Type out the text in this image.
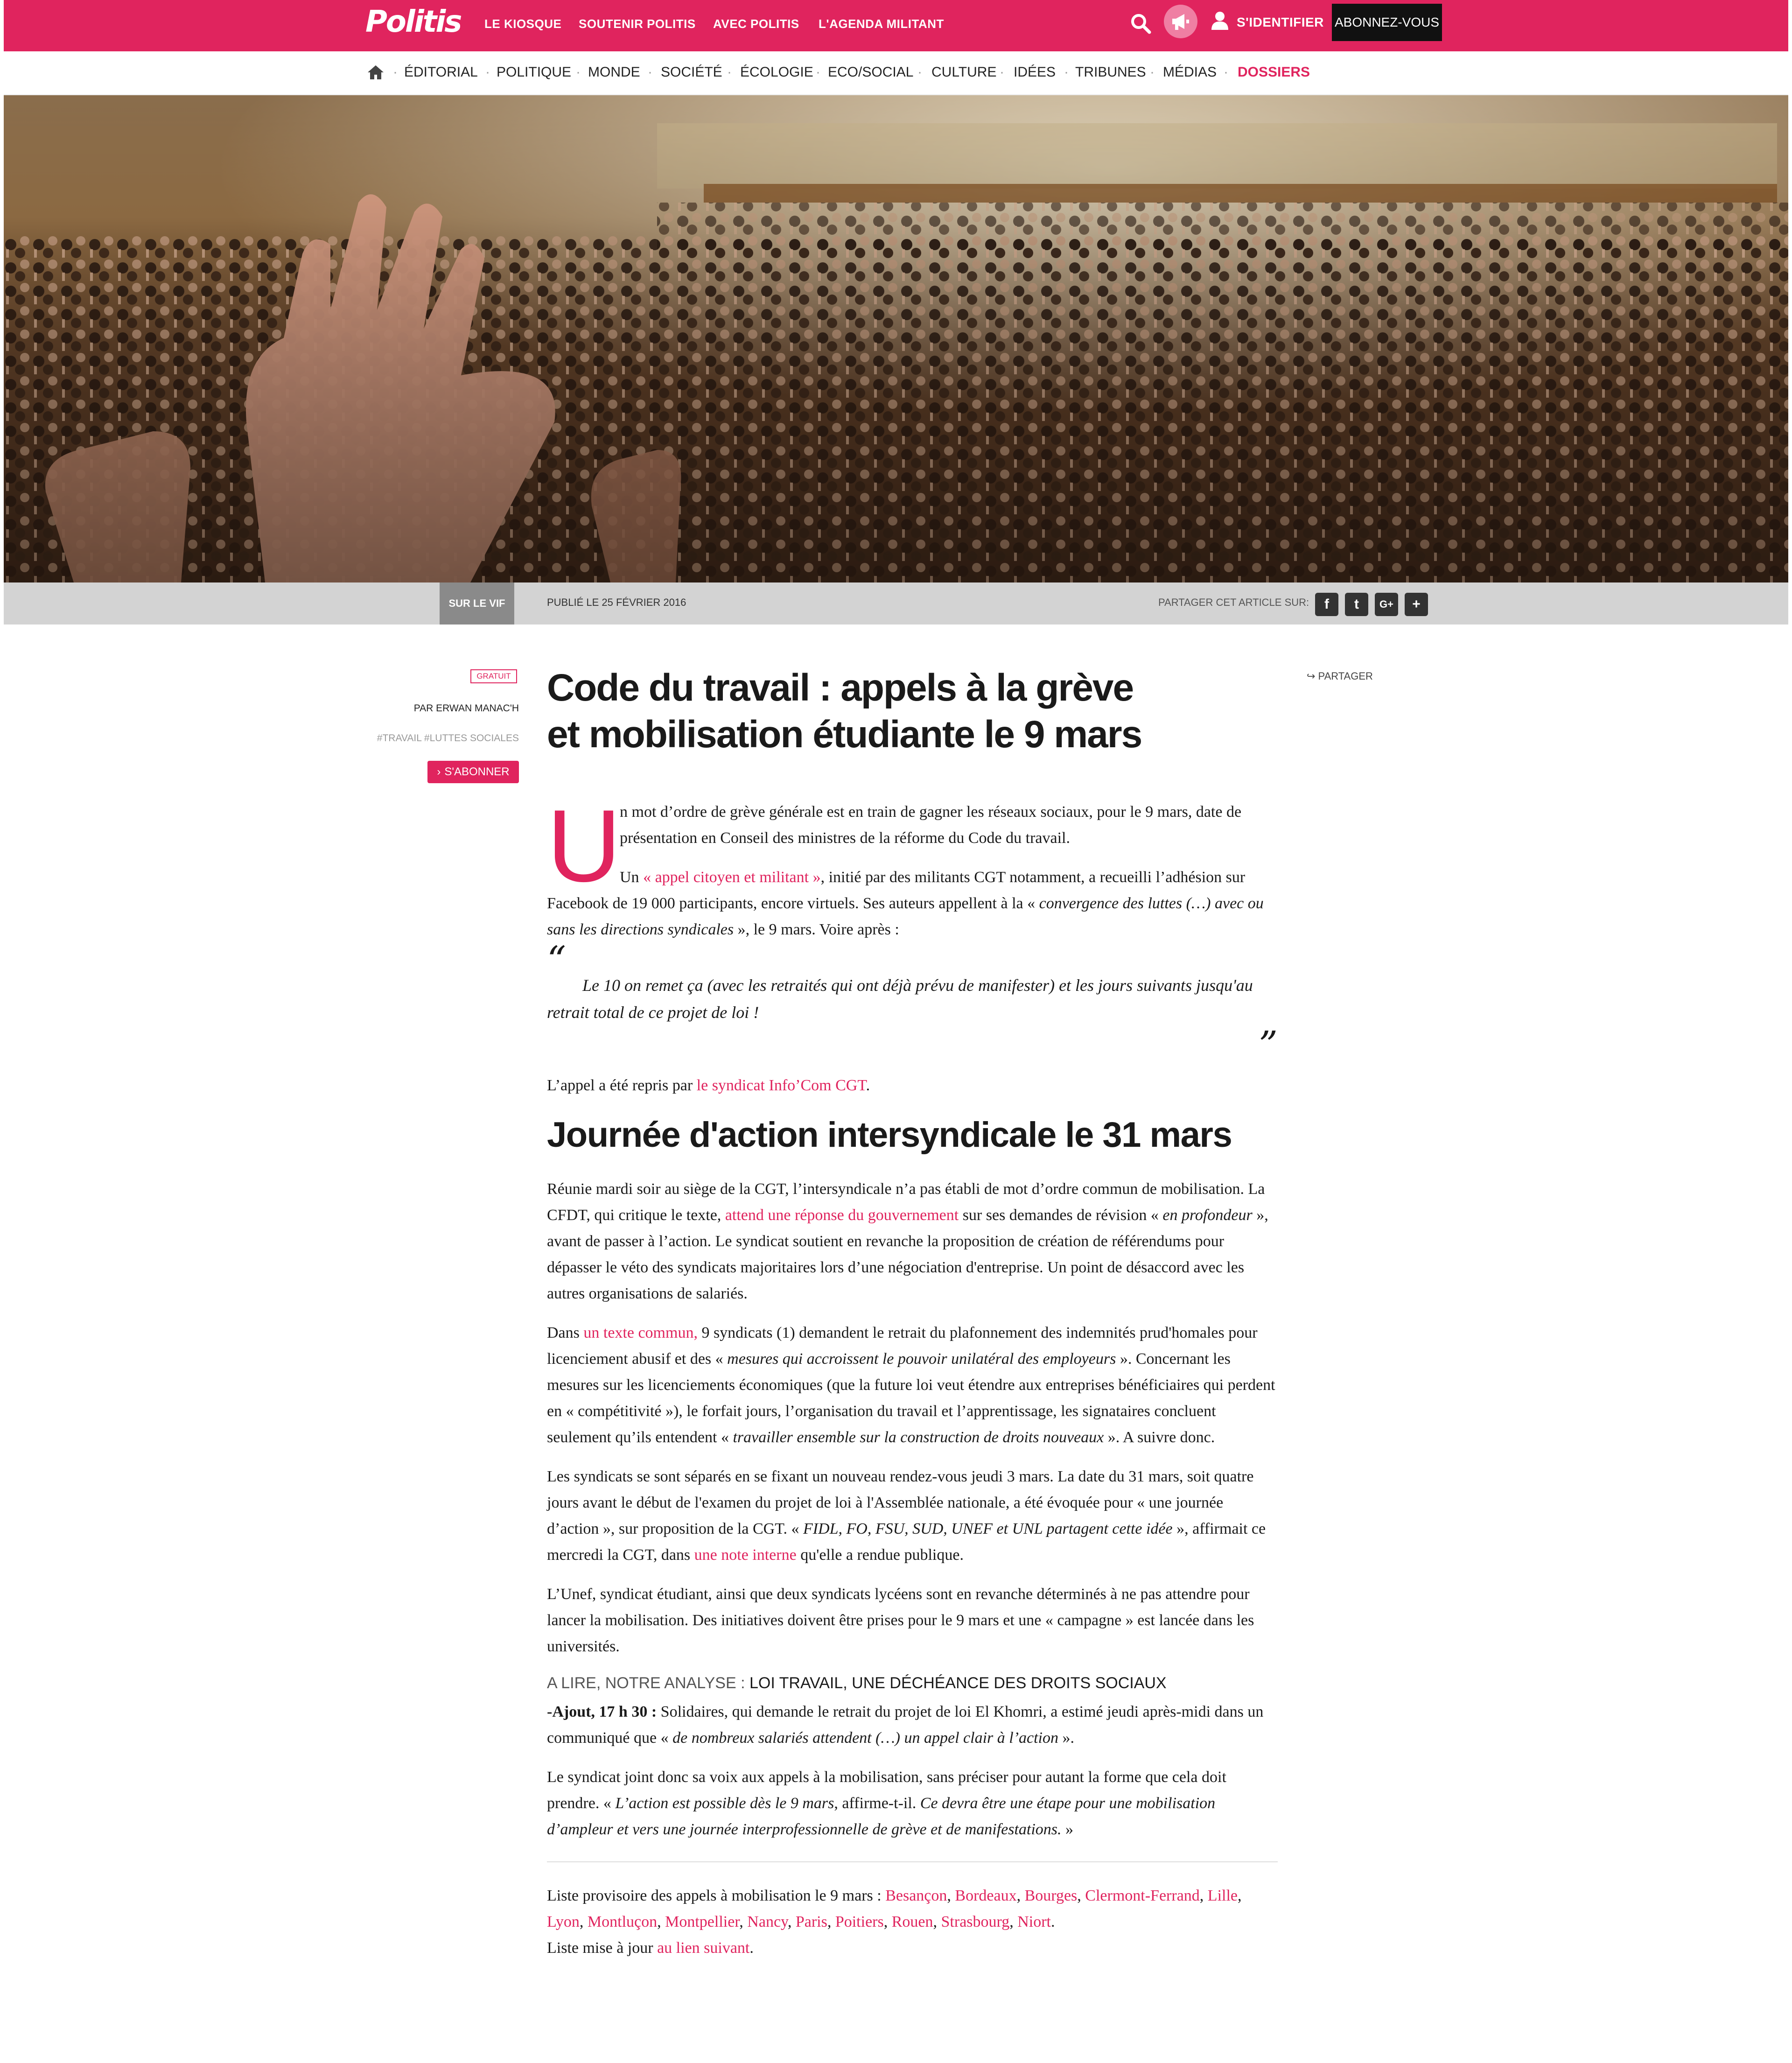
Politis LE KIOSQUE SOUTENIR POLITIS AVEC POLITIS L'AGENDA MILITANT	S'IDENTIFIER ABONNEZ-VOUS
· ÉDITORIAL · POLITIQUE · MONDE · SOCIÉTÉ · ÉCOLOGIE · ECO/SOCIAL · CULTURE · IDÉES · TRIBUNES · MÉDIAS · DOSSIERS
SUR LE VIF	PUBLIÉ LE 25 FÉVRIER 2016	PARTAGER CET ARTICLE SUR:	f	t	G+	+
GRATUIT
PAR ERWAN MANAC'H
#TRAVAIL #LUTTES SOCIALES
› S'ABONNER
↪ PARTAGER
Code du travail : appels à la grève et mobilisation étudiante le 9 mars
U

n mot d’ordre de grève générale est en train de gagner les réseaux sociaux, pour le 9 mars, date de présentation en Conseil des ministres de la réforme du Code du travail.

Un « appel citoyen et militant », initié par des militants CGT notamment, a recueilli l’adhésion sur Facebook de 19 000 participants, encore virtuels. Ses auteurs appellent à la « convergence des luttes (…) avec ou sans les directions syndicales », le 9 mars. Voire après :

“
Le 10 on remet ça (avec les retraités qui ont déjà prévu de manifester) et les jours suivants jusqu'au retrait total de ce projet de loi !
”

L’appel a été repris par le syndicat Info’Com CGT.

Journée d'action intersyndicale le 31 mars

Réunie mardi soir au siège de la CGT, l’intersyndicale n’a pas établi de mot d’ordre commun de mobilisation. La CFDT, qui critique le texte, attend une réponse du gouvernement sur ses demandes de révision « en profondeur », avant de passer à l’action. Le syndicat soutient en revanche la proposition de création de référendums pour dépasser le véto des syndicats majoritaires lors d’une négociation d'entreprise. Un point de désaccord avec les autres organisations de salariés.

Dans un texte commun, 9 syndicats (1) demandent le retrait du plafonnement des indemnités prud'homales pour licenciement abusif et des « mesures qui accroissent le pouvoir unilatéral des employeurs ». Concernant les mesures sur les licenciements économiques (que la future loi veut étendre aux entreprises bénéficiaires qui perdent en « compétitivité »), le forfait jours, l’organisation du travail et l’apprentissage, les signataires concluent seulement qu’ils entendent « travailler ensemble sur la construction de droits nouveaux ». A suivre donc.

Les syndicats se sont séparés en se fixant un nouveau rendez-vous jeudi 3 mars. La date du 31 mars, soit quatre jours avant le début de l'examen du projet de loi à l'Assemblée nationale, a été évoquée pour « une journée d’action », sur proposition de la CGT. « FIDL, FO, FSU, SUD, UNEF et UNL partagent cette idée », affirmait ce mercredi la CGT, dans une note interne qu'elle a rendue publique.

L’Unef, syndicat étudiant, ainsi que deux syndicats lycéens sont en revanche déterminés à ne pas attendre pour lancer la mobilisation. Des initiatives doivent être prises pour le 9 mars et une « campagne » est lancée dans les universités.

A LIRE, NOTRE ANALYSE : LOI TRAVAIL, UNE DÉCHÉANCE DES DROITS SOCIAUX

-Ajout, 17 h 30 : Solidaires, qui demande le retrait du projet de loi El Khomri, a estimé jeudi après-midi dans un communiqué que « de nombreux salariés attendent (…) un appel clair à l’action ».

Le syndicat joint donc sa voix aux appels à la mobilisation, sans préciser pour autant la forme que cela doit prendre. « L’action est possible dès le 9 mars, affirme-t-il. Ce devra être une étape pour une mobilisation d’ampleur et vers une journée interprofessionnelle de grève et de manifestations. »

Liste provisoire des appels à mobilisation le 9 mars : Besançon, Bordeaux, Bourges, Clermont-Ferrand, Lille, Lyon, Montluçon, Montpellier, Nancy, Paris, Poitiers, Rouen, Strasbourg, Niort.
Liste mise à jour au lien suivant.
